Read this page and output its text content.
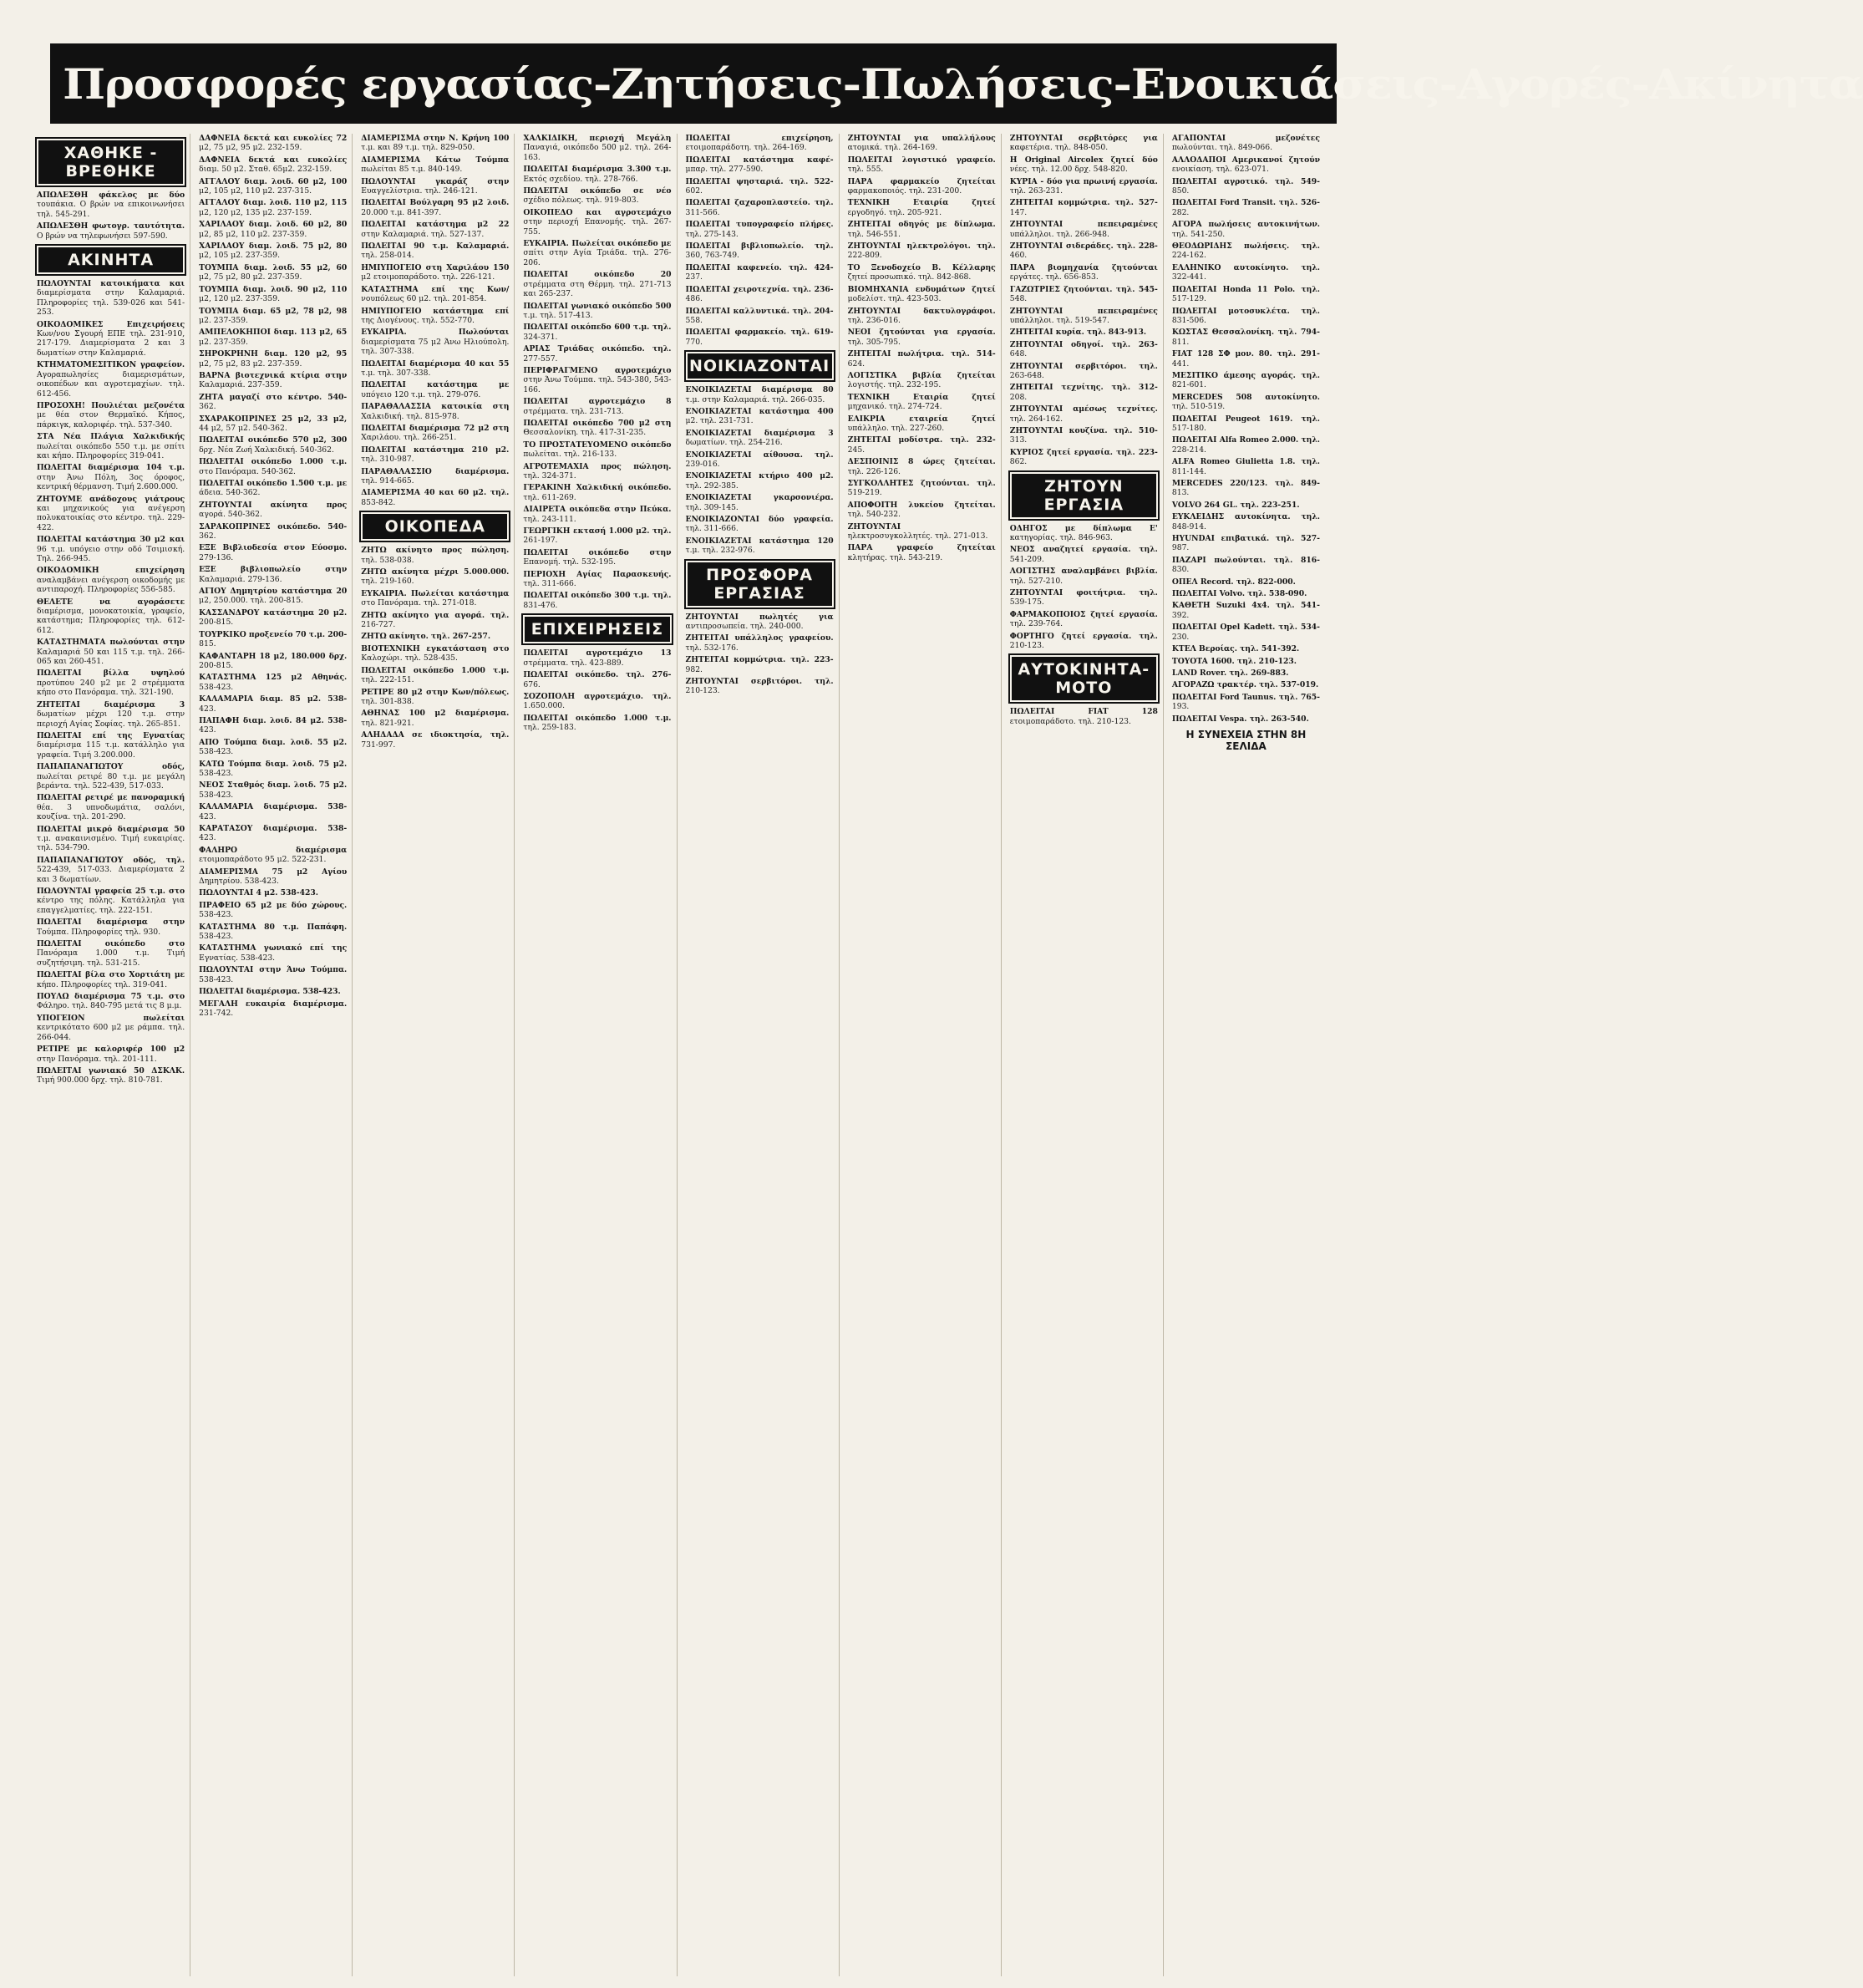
Προσφορές εργασίας-Ζητήσεις-Πωλήσεις-Ενοικιάσεις-Αγορές-Ακίνητα
ΧΑΘΗΚΕ - ΒΡΕΘΗΚΕ

ΑΠΩΛΕΣΘΗ φάκελος με δύο τουπάκια. Ο βρών να επικοινωνήσει τηλ. 545-291.

ΑΠΩΛΕΣΘΗ φωτογρ. ταυτότητα. Ο βρών να τηλεφωνήσει 597-590.

ΑΚΙΝΗΤΑ

ΠΩΛΟΥΝΤΑΙ κατοικήματα και διαμερίσματα στην Καλαμαριά. Πληροφορίες τηλ. 539-026 και 541-253.

ΟΙΚΟΔΟΜΙΚΕΣ Επιχειρήσεις Κων/νου Σγουρή ΕΠΕ τηλ. 231-910, 217-179. Διαμερίσματα 2 και 3 δωματίων στην Καλαμαριά.

ΚΤΗΜΑΤΟΜΕΣΙΤΙΚΟΝ γραφείον. Αγοραπωλησίες διαμερισμάτων, οικοπέδων και αγροτεμαχίων. τηλ. 612-456.

ΠΡΟΣΟΧΗ! Πουλιέται μεζονέτα με θέα στον Θερμαϊκό. Κήπος, πάρκιγκ, καλοριφέρ. τηλ. 537-340.

ΣΤΑ Νέα Πλάγια Χαλκιδικής πωλείται οικόπεδο 550 τ.μ. με σπίτι και κήπο. Πληροφορίες 319-041.

ΠΩΛΕΙΤΑΙ διαμέρισμα 104 τ.μ. στην Άνω Πόλη, 3ος όροφος, κεντρική θέρμανση. Τιμή 2.600.000.

ΖΗΤΟΥΜΕ ανάδοχους γιάτρους και μηχανικούς για ανέγερση πολυκατοικίας στο κέντρο. τηλ. 229-422.

ΠΩΛΕΙΤΑΙ κατάστημα 30 μ2 και 96 τ.μ. υπόγειο στην οδό Τσιμισκή. Τηλ. 266-945.

ΟΙΚΟΔΟΜΙΚΗ επιχείρηση αναλαμβάνει ανέγερση οικοδομής με αντιπαροχή. Πληροφορίες 556-585.

ΘΕΛΕΤΕ να αγοράσετε διαμέρισμα, μονοκατοικία, γραφείο, κατάστημα; Πληροφορίες τηλ. 612-612.

ΚΑΤΑΣΤΗΜΑΤΑ πωλούνται στην Καλαμαριά 50 και 115 τ.μ. τηλ. 266-065 και 260-451.

ΠΩΛΕΙΤΑΙ βίλλα υψηλού προτύπου 240 μ2 με 2 στρέμματα κήπο στο Πανόραμα. τηλ. 321-190.

ΖΗΤΕΙΤΑΙ διαμέρισμα 3 δωματίων μέχρι 120 τ.μ. στην περιοχή Αγίας Σοφίας. τηλ. 265-851.

ΠΩΛΕΙΤΑΙ επί της Εγνατίας διαμέρισμα 115 τ.μ. κατάλληλο για γραφεία. Τιμή 3.200.000.

ΠΑΠΑΠΑΝΑΓΙΩΤΟΥ οδός, πωλείται ρετιρέ 80 τ.μ. με μεγάλη βεράντα. τηλ. 522-439, 517-033.

ΠΩΛΕΙΤΑΙ ρετιρέ με πανοραμική θέα. 3 υπνοδωμάτια, σαλόνι, κουζίνα. τηλ. 201-290.

ΠΩΛΕΙΤΑΙ μικρό διαμέρισμα 50 τ.μ. ανακαινισμένο. Τιμή ευκαιρίας. τηλ. 534-790.

ΠΑΠΑΠΑΝΑΓΙΩΤΟΥ οδός, τηλ. 522-439, 517-033. Διαμερίσματα 2 και 3 δωματίων.

ΠΩΛΟΥΝΤΑΙ γραφεία 25 τ.μ. στο κέντρο της πόλης. Κατάλληλα για επαγγελματίες. τηλ. 222-151.

ΠΩΛΕΙΤΑΙ διαμέρισμα στην Τούμπα. Πληροφορίες τηλ. 930.

ΠΩΛΕΙΤΑΙ οικόπεδο στο Πανόραμα 1.000 τ.μ. Τιμή συζητήσιμη. τηλ. 531-215.

ΠΩΛΕΙΤΑΙ βίλα στο Χορτιάτη με κήπο. Πληροφορίες τηλ. 319-041.

ΠΟΥΛΩ διαμέρισμα 75 τ.μ. στο Φάληρο. τηλ. 840-795 μετά τις 8 μ.μ.

ΥΠΟΓΕΙΟΝ πωλείται κεντρικότατο 600 μ2 με ράμπα. τηλ. 266-044.

ΡΕΤΙΡΕ με καλοριφέρ 100 μ2 στην Πανόραμα. τηλ. 201-111.

ΠΩΛΕΙΤΑΙ γωνιακό 50 ΔΣΚΛΚ. Τιμή 900.000 δρχ. τηλ. 810-781.

ΔΑΦΝΕΙΑ δεκτά και ευκολίες 72 μ2, 75 μ2, 95 μ2. 232-159.

ΔΑΦΝΕΙΑ δεκτά και ευκολίες διαμ. 50 μ2. Σταθ. 65μ2. 232-159.

ΑΓΓΑΛΟΥ διαμ. λοιδ. 60 μ2, 100 μ2, 105 μ2, 110 μ2. 237-315.

ΑΓΓΑΛΟΥ διαμ. λοιδ. 110 μ2, 115 μ2, 120 μ2, 135 μ2. 237-159.

ΧΑΡΙΛΑΟΥ διαμ. λοιδ. 60 μ2, 80 μ2, 85 μ2, 110 μ2. 237-359.

ΧΑΡΙΛΑΟΥ διαμ. λοιδ. 75 μ2, 80 μ2, 105 μ2. 237-359.

ΤΟΥΜΠΑ διαμ. λοιδ. 55 μ2, 60 μ2, 75 μ2, 80 μ2. 237-359.

ΤΟΥΜΠΑ διαμ. λοιδ. 90 μ2, 110 μ2, 120 μ2. 237-359.

ΤΟΥΜΠΑ διαμ. 65 μ2, 78 μ2, 98 μ2. 237-359.

ΑΜΠΕΛΟΚΗΠΟΙ διαμ. 113 μ2, 65 μ2. 237-359.

ΣΗΡΟΚΡΗΝΗ διαμ. 120 μ2, 95 μ2, 75 μ2, 83 μ2. 237-359.

ΒΑΡΝΑ βιοτεχνικά κτίρια στην Καλαμαριά. 237-359.

ΖΗΤΑ μαγαζί στο κέντρο. 540-362.

ΣΧΑΡΑΚΟΠΡΙΝΕΣ 25 μ2, 33 μ2, 44 μ2, 57 μ2. 540-362.

ΠΩΛΕΙΤΑΙ οικόπεδο 570 μ2, 300 δρχ. Νέα Ζωή Χαλκιδική. 540-362.

ΠΩΛΕΙΤΑΙ οικόπεδο 1.000 τ.μ. στο Πανόραμα. 540-362.

ΠΩΛΕΙΤΑΙ οικόπεδο 1.500 τ.μ. με άδεια. 540-362.

ΖΗΤΟΥΝΤΑΙ ακίνητα προς αγορά. 540-362.

ΣΑΡΑΚΟΠΡΙΝΕΣ οικόπεδο. 540-362.

ΕΞΕ Βιβλιοδεσία στον Εύοσμο. 279-136.

ΕΞΕ βιβλιοπωλείο στην Καλαμαριά. 279-136.

ΑΓΙΟΥ Δημητρίου κατάστημα 20 μ2, 250.000. τηλ. 200-815.

ΚΑΣΣΑΝΔΡΟΥ κατάστημα 20 μ2. 200-815.

ΤΟΥΡΚΙΚΟ προξενείο 70 τ.μ. 200-815.

ΚΑΦΑΝΤΑΡΗ 18 μ2, 180.000 δρχ. 200-815.

ΚΑΤΑΣΤΗΜΑ 125 μ2 Αθηνάς. 538-423.

ΚΑΛΑΜΑΡΙΑ διαμ. 85 μ2. 538-423.

ΠΑΠΑΦΗ διαμ. λοιδ. 84 μ2. 538-423.

ΑΠΟ Τούμπα διαμ. λοιδ. 55 μ2. 538-423.

ΚΑΤΩ Τούμπα διαμ. λοιδ. 75 μ2. 538-423.

ΝΕΟΣ Σταθμός διαμ. λοιδ. 75 μ2. 538-423.

ΚΑΛΑΜΑΡΙΑ διαμέρισμα. 538-423.

ΚΑΡΑΤΑΣΟΥ διαμέρισμα. 538-423.

ΦΑΛΗΡΟ διαμέρισμα ετοιμοπαράδοτο 95 μ2. 522-231.

ΔΙΑΜΕΡΙΣΜΑ 75 μ2 Αγίου Δημητρίου. 538-423.

ΠΩΛΟΥΝΤΑΙ 4 μ2. 538-423.

ΠΡΑΦΕΙΟ 65 μ2 με δύο χώρους. 538-423.

ΚΑΤΑΣΤΗΜΑ 80 τ.μ. Παπάφη. 538-423.

ΚΑΤΑΣΤΗΜΑ γωνιακό επί της Εγνατίας. 538-423.

ΠΩΛΟΥΝΤΑΙ στην Άνω Τούμπα. 538-423.

ΠΩΛΕΙΤΑΙ διαμέρισμα. 538-423.

ΜΕΓΑΛΗ ευκαιρία διαμέρισμα. 231-742.

ΔΙΑΜΕΡΙΣΜΑ στην Ν. Κρήνη 100 τ.μ. και 89 τ.μ. τηλ. 829-050.

ΔΙΑΜΕΡΙΣΜΑ Κάτω Τούμπα πωλείται 85 τ.μ. 840-149.

ΠΩΛΟΥΝΤΑΙ γκαράζ στην Ευαγγελίστρια. τηλ. 246-121.

ΠΩΛΕΙΤΑΙ Βούλγαρη 95 μ2 λοιδ. 20.000 τ.μ. 841-397.

ΠΩΛΕΙΤΑΙ κατάστημα μ2 22 στην Καλαμαριά. τηλ. 527-137.

ΠΩΛΕΙΤΑΙ 90 τ.μ. Καλαμαριά. τηλ. 258-014.

ΗΜΙΥΠΟΓΕΙΟ στη Χαριλάου 150 μ2 ετοιμοπαράδοτο. τηλ. 226-121.

ΚΑΤΑΣΤΗΜΑ επί της Κων/νουπόλεως 60 μ2. τηλ. 201-854.

ΗΜΙΥΠΟΓΕΙΟ κατάστημα επί της Διογένους. τηλ. 552-770.

ΕΥΚΑΙΡΙΑ. Πωλούνται διαμερίσματα 75 μ2 Άνω Ηλιούπολη. τηλ. 307-338.

ΠΩΛΕΙΤΑΙ διαμέρισμα 40 και 55 τ.μ. τηλ. 307-338.

ΠΩΛΕΙΤΑΙ κατάστημα με υπόγειο 120 τ.μ. τηλ. 279-076.

ΠΑΡΑΘΑΛΑΣΣΙΑ κατοικία στη Χαλκιδική. τηλ. 815-978.

ΠΩΛΕΙΤΑΙ διαμέρισμα 72 μ2 στη Χαριλάου. τηλ. 266-251.

ΠΩΛΕΙΤΑΙ κατάστημα 210 μ2. τηλ. 310-987.

ΠΑΡΑΘΑΛΑΣΣΙΟ διαμέρισμα. τηλ. 914-665.

ΔΙΑΜΕΡΙΣΜΑ 40 και 60 μ2. τηλ. 853-842.

ΟΙΚΟΠΕΔΑ

ΖΗΤΩ ακίνητο προς πώληση. τηλ. 538-038.

ΖΗΤΩ ακίνητα μέχρι 5.000.000. τηλ. 219-160.

ΕΥΚΑΙΡΙΑ. Πωλείται κατάστημα στο Πανόραμα. τηλ. 271-018.

ΖΗΤΩ ακίνητο για αγορά. τηλ. 216-727.

ΖΗΤΩ ακίνητο. τηλ. 267-257.

ΒΙΟΤΕΧΝΙΚΗ εγκατάσταση στο Καλοχώρι. τηλ. 528-435.

ΠΩΛΕΙΤΑΙ οικόπεδο 1.000 τ.μ. τηλ. 222-151.

ΡΕΤΙΡΕ 80 μ2 στην Κων/πόλεως. τηλ. 301-838.

ΑΘΗΝΑΣ 100 μ2 διαμέρισμα. τηλ. 821-921.

ΑΛΗΔΑΔΑ σε ιδιοκτησία, τηλ. 731-997.

ΧΑΛΚΙΔΙΚΗ, περιοχή Μεγάλη Παναγιά, οικόπεδο 500 μ2. τηλ. 264-163.

ΠΩΛΕΙΤΑΙ διαμέρισμα 3.300 τ.μ. Εκτός σχεδίου. τηλ. 278-766.

ΠΩΛΕΙΤΑΙ οικόπεδο σε νέο σχέδιο πόλεως. τηλ. 919-803.

ΟΙΚΟΠΕΔΟ και αγροτεμάχιο στην περιοχή Επανομής. τηλ. 267-755.

ΕΥΚΑΙΡΙΑ. Πωλείται οικόπεδο με σπίτι στην Αγία Τριάδα. τηλ. 276-206.

ΠΩΛΕΙΤΑΙ οικόπεδο 20 στρέμματα στη Θέρμη. τηλ. 271-713 και 265-237.

ΠΩΛΕΙΤΑΙ γωνιακό οικόπεδο 500 τ.μ. τηλ. 517-413.

ΠΩΛΕΙΤΑΙ οικόπεδο 600 τ.μ. τηλ. 324-371.

ΑΡΙΑΣ Τριάδας οικόπεδο. τηλ. 277-557.

ΠΕΡΙΦΡΑΓΜΕΝΟ αγροτεμάχιο στην Άνω Τούμπα. τηλ. 543-380, 543-166.

ΠΩΛΕΙΤΑΙ αγροτεμάχιο 8 στρέμματα. τηλ. 231-713.

ΠΩΛΕΙΤΑΙ οικόπεδο 700 μ2 στη Θεσσαλονίκη. τηλ. 417-31-235.

ΤΟ ΠΡΟΣΤΑΤΕΥΟΜΕΝΟ οικόπεδο πωλείται. τηλ. 216-133.

ΑΓΡΟΤΕΜΑΧΙΑ προς πώληση. τηλ. 324-371.

ΓΕΡΑΚΙΝΗ Χαλκιδική οικόπεδο. τηλ. 611-269.

ΔΙΑΙΡΕΤΑ οικόπεδα στην Πεύκα. τηλ. 243-111.

ΓΕΩΡΓΙΚΗ εκτασή 1.000 μ2. τηλ. 261-197.

ΠΩΛΕΙΤΑΙ οικόπεδο στην Επανομή. τηλ. 532-195.

ΠΕΡΙΟΧΗ Αγίας Παρασκευής. τηλ. 311-666.

ΠΩΛΕΙΤΑΙ οικόπεδο 300 τ.μ. τηλ. 831-476.

ΕΠΙΧΕΙΡΗΣΕΙΣ

ΠΩΛΕΙΤΑΙ αγροτεμάχιο 13 στρέμματα. τηλ. 423-889.

ΠΩΛΕΙΤΑΙ οικόπεδο. τηλ. 276-676.

ΣΟΖΟΠΟΛΗ αγροτεμάχιο. τηλ. 1.650.000.

ΠΩΛΕΙΤΑΙ οικόπεδο 1.000 τ.μ. τηλ. 259-183.

ΠΩΛΕΙΤΑΙ επιχείρηση, ετοιμοπαράδοτη. τηλ. 264-169.

ΠΩΛΕΙΤΑΙ κατάστημα καφέ-μπαρ. τηλ. 277-590.

ΠΩΛΕΙΤΑΙ ψησταριά. τηλ. 522-602.

ΠΩΛΕΙΤΑΙ ζαχαροπλαστείο. τηλ. 311-566.

ΠΩΛΕΙΤΑΙ τυπογραφείο πλήρες. τηλ. 275-143.

ΠΩΛΕΙΤΑΙ βιβλιοπωλείο. τηλ. 360, 763-749.

ΠΩΛΕΙΤΑΙ καφενείο. τηλ. 424-237.

ΠΩΛΕΙΤΑΙ χειροτεχνία. τηλ. 236-486.

ΠΩΛΕΙΤΑΙ καλλυντικά. τηλ. 204-558.

ΠΩΛΕΙΤΑΙ φαρμακείο. τηλ. 619-770.

ΝΟΙΚΙΑΖΟΝΤΑΙ

ΕΝΟΙΚΙΑΖΕΤΑΙ διαμέρισμα 80 τ.μ. στην Καλαμαριά. τηλ. 266-035.

ΕΝΟΙΚΙΑΖΕΤΑΙ κατάστημα 400 μ2. τηλ. 231-731.

ΕΝΟΙΚΙΑΖΕΤΑΙ διαμέρισμα 3 δωματίων. τηλ. 254-216.

ΕΝΟΙΚΙΑΖΕΤΑΙ αίθουσα. τηλ. 239-016.

ΕΝΟΙΚΙΑΖΕΤΑΙ κτήριο 400 μ2. τηλ. 292-385.

ΕΝΟΙΚΙΑΖΕΤΑΙ γκαρσονιέρα. τηλ. 309-145.

ΕΝΟΙΚΙΑΖΟΝΤΑΙ δύο γραφεία. τηλ. 311-666.

ΕΝΟΙΚΙΑΖΕΤΑΙ κατάστημα 120 τ.μ. τηλ. 232-976.

ΠΡΟΣΦΟΡΑ ΕΡΓΑΣΙΑΣ

ΖΗΤΟΥΝΤΑΙ πωλητές για αντιπροσωπεία. τηλ. 240-000.

ΖΗΤΕΙΤΑΙ υπάλληλος γραφείου. τηλ. 532-176.

ΖΗΤΕΙΤΑΙ κομμώτρια. τηλ. 223-982.

ΖΗΤΟΥΝΤΑΙ σερβιτόροι. τηλ. 210-123.

ΖΗΤΟΥΝΤΑΙ για υπαλλήλους ατομικά. τηλ. 264-169.

ΠΩΛΕΙΤΑΙ λογιστικό γραφείο. τηλ. 555.

ΠΑΡΑ φαρμακείο ζητείται φαρμακοποιός. τηλ. 231-200.

ΤΕΧΝΙΚΗ Εταιρία ζητεί εργοδηγό. τηλ. 205-921.

ΖΗΤΕΙΤΑΙ οδηγός με δίπλωμα. τηλ. 546-551.

ΖΗΤΟΥΝΤΑΙ ηλεκτρολόγοι. τηλ. 222-809.

ΤΟ Ξενοδοχείο Β. Κέλλαρης ζητεί προσωπικό. τηλ. 842-868.

ΒΙΟΜΗΧΑΝΙΑ ενδυμάτων ζητεί μοδελίστ. τηλ. 423-503.

ΖΗΤΟΥΝΤΑΙ δακτυλογράφοι. τηλ. 236-016.

ΝΕΟΙ ζητούνται για εργασία. τηλ. 305-795.

ΖΗΤΕΙΤΑΙ πωλήτρια. τηλ. 514-624.

ΛΟΓΙΣΤΙΚΑ βιβλία ζητείται λογιστής. τηλ. 232-195.

ΤΕΧΝΙΚΗ Εταιρία ζητεί μηχανικό. τηλ. 274-724.

ΕΛΙΚΡΙΑ εταιρεία ζητεί υπάλληλο. τηλ. 227-260.

ΖΗΤΕΙΤΑΙ μοδίστρα. τηλ. 232-245.

ΔΕΣΠΟΙΝΙΣ 8 ώρες ζητείται. τηλ. 226-126.

ΣΥΓΚΟΛΛΗΤΕΣ ζητούνται. τηλ. 519-219.

ΑΠΟΦΟΙΤΗ λυκείου ζητείται. τηλ. 540-232.

ΖΗΤΟΥΝΤΑΙ ηλεκτροσυγκολλητές. τηλ. 271-013.

ΠΑΡΑ γραφείο ζητείται κλητήρας. τηλ. 543-219.

ΖΗΤΟΥΝΤΑΙ σερβιτόρες για καφετέρια. τηλ. 848-050.

Η Original Aircolex ζητεί δύο νέες. τηλ. 12.00 δρχ. 548-820.

ΚΥΡΙΑ - δύο για πρωινή εργασία. τηλ. 263-231.

ΖΗΤΕΙΤΑΙ κομμώτρια. τηλ. 527-147.

ΖΗΤΟΥΝΤΑΙ πεπειραμένες υπάλληλοι. τηλ. 266-948.

ΖΗΤΟΥΝΤΑΙ σιδεράδες. τηλ. 228-460.

ΠΑΡΑ βιομηχανία ζητούνται εργάτες. τηλ. 656-853.

ΓΑΖΩΤΡΙΕΣ ζητούνται. τηλ. 545-548.

ΖΗΤΟΥΝΤΑΙ πεπειραμένες υπάλληλοι. τηλ. 519-547.

ΖΗΤΕΙΤΑΙ κυρία. τηλ. 843-913.

ΖΗΤΟΥΝΤΑΙ οδηγοί. τηλ. 263-648.

ΖΗΤΟΥΝΤΑΙ σερβιτόροι. τηλ. 263-648.

ΖΗΤΕΙΤΑΙ τεχνίτης. τηλ. 312-208.

ΖΗΤΟΥΝΤΑΙ αμέσως τεχνίτες. τηλ. 264-162.

ΖΗΤΟΥΝΤΑΙ κουζίνα. τηλ. 510-313.

ΚΥΡΙΟΣ ζητεί εργασία. τηλ. 223-862.

ΖΗΤΟΥΝ ΕΡΓΑΣΙΑ

ΟΔΗΓΟΣ με δίπλωμα Ε' κατηγορίας. τηλ. 846-963.

ΝΕΟΣ αναζητεί εργασία. τηλ. 541-209.

ΛΟΓΙΣΤΗΣ αναλαμβάνει βιβλία. τηλ. 527-210.

ΖΗΤΟΥΝΤΑΙ φοιτήτρια. τηλ. 539-175.

ΦΑΡΜΑΚΟΠΟΙΟΣ ζητεί εργασία. τηλ. 239-764.

ΦΟΡΤΗΓΟ ζητεί εργασία. τηλ. 210-123.

ΑΥΤΟΚΙΝΗΤΑ-ΜΟΤΟ

ΠΩΛΕΙΤΑΙ FIAT 128 ετοιμοπαράδοτο. τηλ. 210-123.

ΑΓΑΠΟΝΤΑΙ μεζονέτες πωλούνται. τηλ. 849-066.

ΑΛΛΟΔΑΠΟΙ Αμερικανοί ζητούν ενοικίαση. τηλ. 623-071.

ΠΩΛΕΙΤΑΙ αγροτικό. τηλ. 549-850.

ΠΩΛΕΙΤΑΙ Ford Transit. τηλ. 526-282.

ΑΓΟΡΑ πωλήσεις αυτοκινήτων. τηλ. 541-250.

ΘΕΟΔΩΡΙΔΗΣ πωλήσεις. τηλ. 224-162.

ΕΛΛΗΝΙΚΟ αυτοκίνητο. τηλ. 322-441.

ΠΩΛΕΙΤΑΙ Honda 11 Polo. τηλ. 517-129.

ΠΩΛΕΙΤΑΙ μοτοσυκλέτα. τηλ. 831-506.

ΚΩΣΤΑΣ Θεσσαλονίκη. τηλ. 794-811.

FIAT 128 ΣΦ μον. 80. τηλ. 291-441.

ΜΕΣΙΤΙΚΟ άμεσης αγοράς. τηλ. 821-601.

MERCEDES 508 αυτοκίνητο. τηλ. 510-519.

ΠΩΛΕΙΤΑΙ Peugeot 1619. τηλ. 517-180.

ΠΩΛΕΙΤΑΙ Alfa Romeo 2.000. τηλ. 228-214.

ALFA Romeo Giulietta 1.8. τηλ. 811-144.

MERCEDES 220/123. τηλ. 849-813.

VOLVO 264 GL. τηλ. 223-251.

ΕΥΚΛΕΙΔΗΣ αυτοκίνητα. τηλ. 848-914.

HYUNDAI επιβατικά. τηλ. 527-987.

ΠΑΖΑΡΙ πωλούνται. τηλ. 816-830.

ΟΠΕΛ Record. τηλ. 822-000.

ΠΩΛΕΙΤΑΙ Volvo. τηλ. 538-090.

ΚΑΘΕΤΗ Suzuki 4x4. τηλ. 541-392.

ΠΩΛΕΙΤΑΙ Opel Kadett. τηλ. 534-230.

ΚΤΕΛ Βεροίας. τηλ. 541-392.

TOYOTA 1600. τηλ. 210-123.

LAND Rover. τηλ. 269-883.

ΑΓΟΡΑΖΩ τρακτέρ. τηλ. 537-019.

ΠΩΛΕΙΤΑΙ Ford Taunus. τηλ. 765-193.

ΠΩΛΕΙΤΑΙ Vespa. τηλ. 263-540.

Η ΣΥΝΕΧΕΙΑ ΣΤΗΝ 8Η ΣΕΛΙΔΑ
